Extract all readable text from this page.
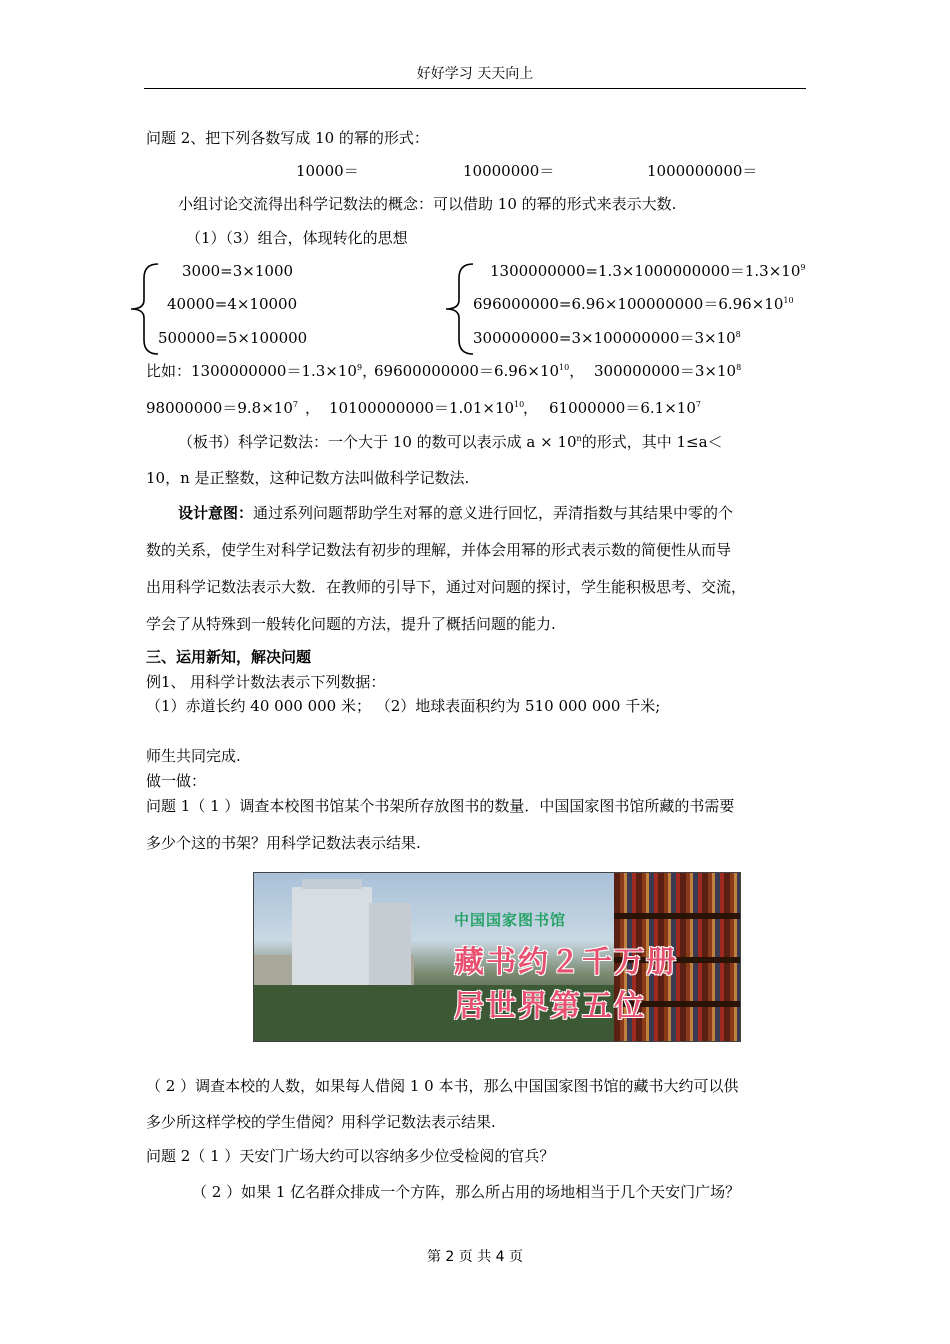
好好学习 天天向上
问题 2、把下列各数写成 10 的幂的形式：
10000＝	10000000＝	1000000000＝
小组讨论交流得出科学记数法的概念：可以借助 10 的幂的形式来表示大数.
（1）（3）组合，体现转化的思想
3000=3×1000
40000=4×10000
500000=5×100000
$1300000000=1.3\times 1000000000=1.3\times 10^9$
$696000000=6.96\times 100000000=6.96\times 10^{10}$
$300000000=3\times 100000000=3\times 10^8$
比如：$1300000000=1.3\times 10^9$，
$69600000000=6.96\times 10^{10}$， $300000000=3\times 10^8$
$98000000=9.8\times 10^7$ ， $10100000000=1.01\times 10^{10}$
， $61000000=6.1\times 10^7$
（板书）科学记数法：一个大于 10 的数可以表示成 $a \times 10^n$的形式，其中 1≤a＜
10，n 是正整数，这种记数方法叫做科学记数法.
设计意图：通过系列问题帮助学生对幂的意义进行回忆，弄清指数与其结果中零的个
数的关系，使学生对科学记数法有初步的理解，并体会用幂的形式表示数的简便性从而导
出用科学记数法表示大数．在教师的引导下，通过对问题的探讨，学生能积极思考、交流，
学会了从特殊到一般转化问题的方法，提升了概括问题的能力.
三、运用新知，解决问题
例1、 用科学计数法表示下列数据：
（1）赤道长约 40 000 000 米； （2）地球表面积约为 510 000 000 千米;
师生共同完成.
做一做：
问题 1（ 1 ）调查本校图书馆某个书架所存放图书的数量．中国国家图书馆所藏的书需要
多少个这的书架？用科学记数法表示结果.
中国国家图书馆
藏书约２千万册
居世界第五位
（ 2 ）调查本校的人数，如果每人借阅 1 0 本书，那么中国国家图书馆的藏书大约可以供
多少所这样学校的学生借阅？用科学记数法表示结果.
问题 2（ 1 ）天安门广场大约可以容纳多少位受检阅的官兵？
（ 2 ）如果 1 亿名群众排成一个方阵，那么所占用的场地相当于几个天安门广场？
第 2 页 共 4 页
